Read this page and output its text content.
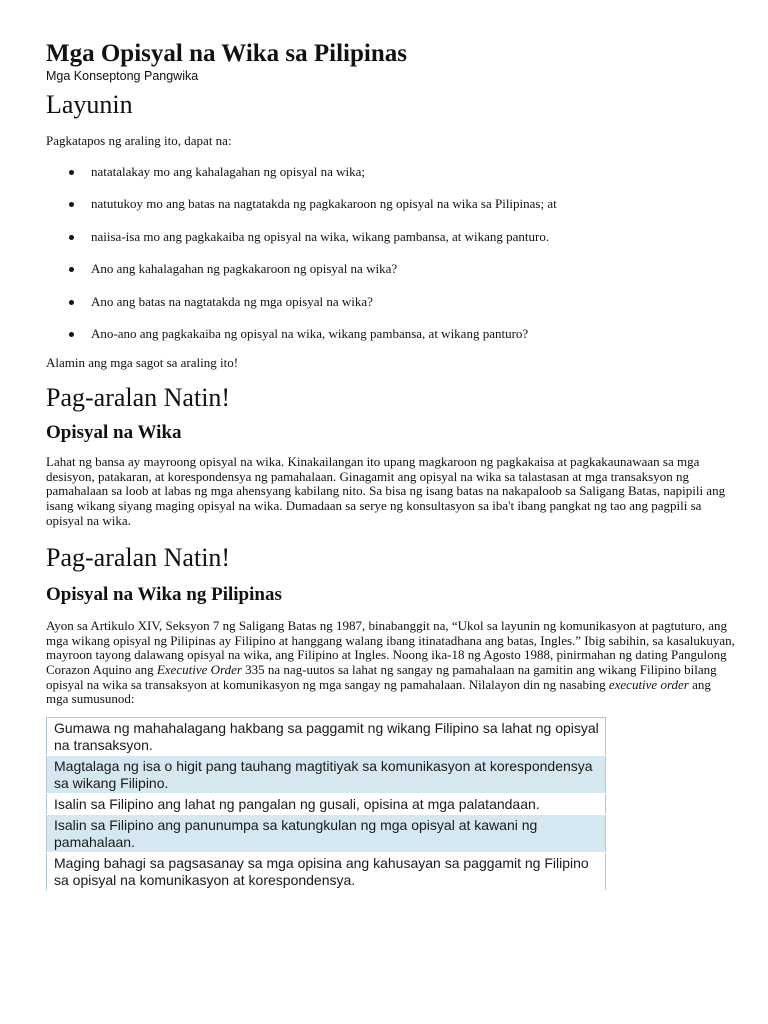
Mga Opisyal na Wika sa Pilipinas
Mga Konseptong Pangwika
Layunin

Pagkatapos ng araling ito, dapat na:

natatalakay mo ang kahalagahan ng opisyal na wika;
natutukoy mo ang batas na nagtatakda ng pagkakaroon ng opisyal na wika sa Pilipinas; at
naiisa-isa mo ang pagkakaiba ng opisyal na wika, wikang pambansa, at wikang panturo.
Ano ang kahalagahan ng pagkakaroon ng opisyal na wika?
Ano ang batas na nagtatakda ng mga opisyal na wika?
Ano-ano ang pagkakaiba ng opisyal na wika, wikang pambansa, at wikang panturo?

Alamin ang mga sagot sa araling ito!

Pag-aralan Natin!
Opisyal na Wika

Lahat ng bansa ay mayroong opisyal na wika. Kinakailangan ito upang magkaroon ng pagkakaisa at pagkakaunawaan sa mga desisyon, patakaran, at korespondensya ng pamahalaan. Ginagamit ang opisyal na wika sa talastasan at mga transaksyon ng pamahalaan sa loob at labas ng mga ahensyang kabilang nito. Sa bisa ng isang batas na nakapaloob sa Saligang Batas, napipili ang isang wikang siyang maging opisyal na wika. Dumadaan sa serye ng konsultasyon sa iba't ibang pangkat ng tao ang pagpili sa opisyal na wika.

Pag-aralan Natin!
Opisyal na Wika ng Pilipinas

Ayon sa Artikulo XIV, Seksyon 7 ng Saligang Batas ng 1987, binabanggit na, “Ukol sa layunin ng komunikasyon at pagtuturo, ang mga wikang opisyal ng Pilipinas ay Filipino at hanggang walang ibang itinatadhana ang batas, Ingles.” Ibig sabihin, sa kasalukuyan, mayroon tayong dalawang opisyal na wika, ang Filipino at Ingles. Noong ika-18 ng Agosto 1988, pinirmahan ng dating Pangulong Corazon Aquino ang Executive Order 335 na nag-uutos sa lahat ng sangay ng pamahalaan na gamitin ang wikang Filipino bilang opisyal na wika sa transaksyon at komunikasyon ng mga sangay ng pamahalaan. Nilalayon din ng nasabing executive order ang mga sumusunod:

Gumawa ng mahahalagang hakbang sa paggamit ng wikang Filipino sa lahat ng opisyal na transaksyon.
Magtalaga ng isa o higit pang tauhang magtitiyak sa komunikasyon at korespondensya sa wikang Filipino.
Isalin sa Filipino ang lahat ng pangalan ng gusali, opisina at mga palatandaan.
Isalin sa Filipino ang panunumpa sa katungkulan ng mga opisyal at kawani ng pamahalaan.
Maging bahagi sa pagsasanay sa mga opisina ang kahusayan sa paggamit ng Filipino sa opisyal na komunikasyon at korespondensya.
